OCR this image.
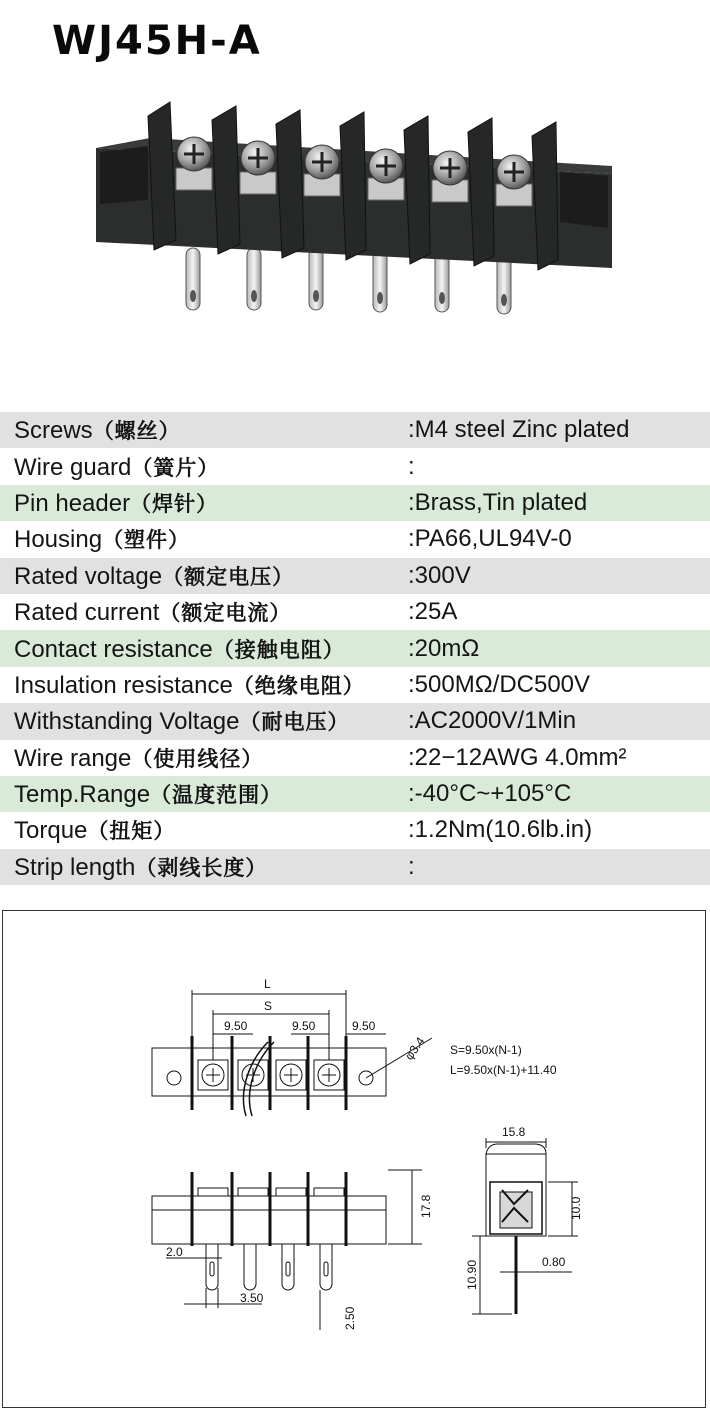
WJ45H-A
Screws（螺丝）	:M4 steel Zinc plated
Wire guard（簧片）	:
Pin header（焊针）	:Brass,Tin plated
Housing（塑件）	:PA66,UL94V-0
Rated voltage（额定电压）	:300V
Rated current（额定电流）	:25A
Contact resistance（接触电阻）	:20mΩ
Insulation resistance（绝缘电阻） :500MΩ/DC500V
Withstanding Voltage（耐电压） :AC2000V/1Min
Wire range（使用线径）	:22−12AWG 4.0mm²
Temp.Range（温度范围）	:-40°C~+105°C
Torque（扭矩）	:1.2Nm(10.6lb.in)
Strip length（剥线长度）	:
L
S
9.50	9.50	9.50
φ3.4 S=9.50x(N-1)
L=9.50x(N-1)+11.40
17.8
2.0
3.50
2.50
15.8
10.0
10.90	0.80
